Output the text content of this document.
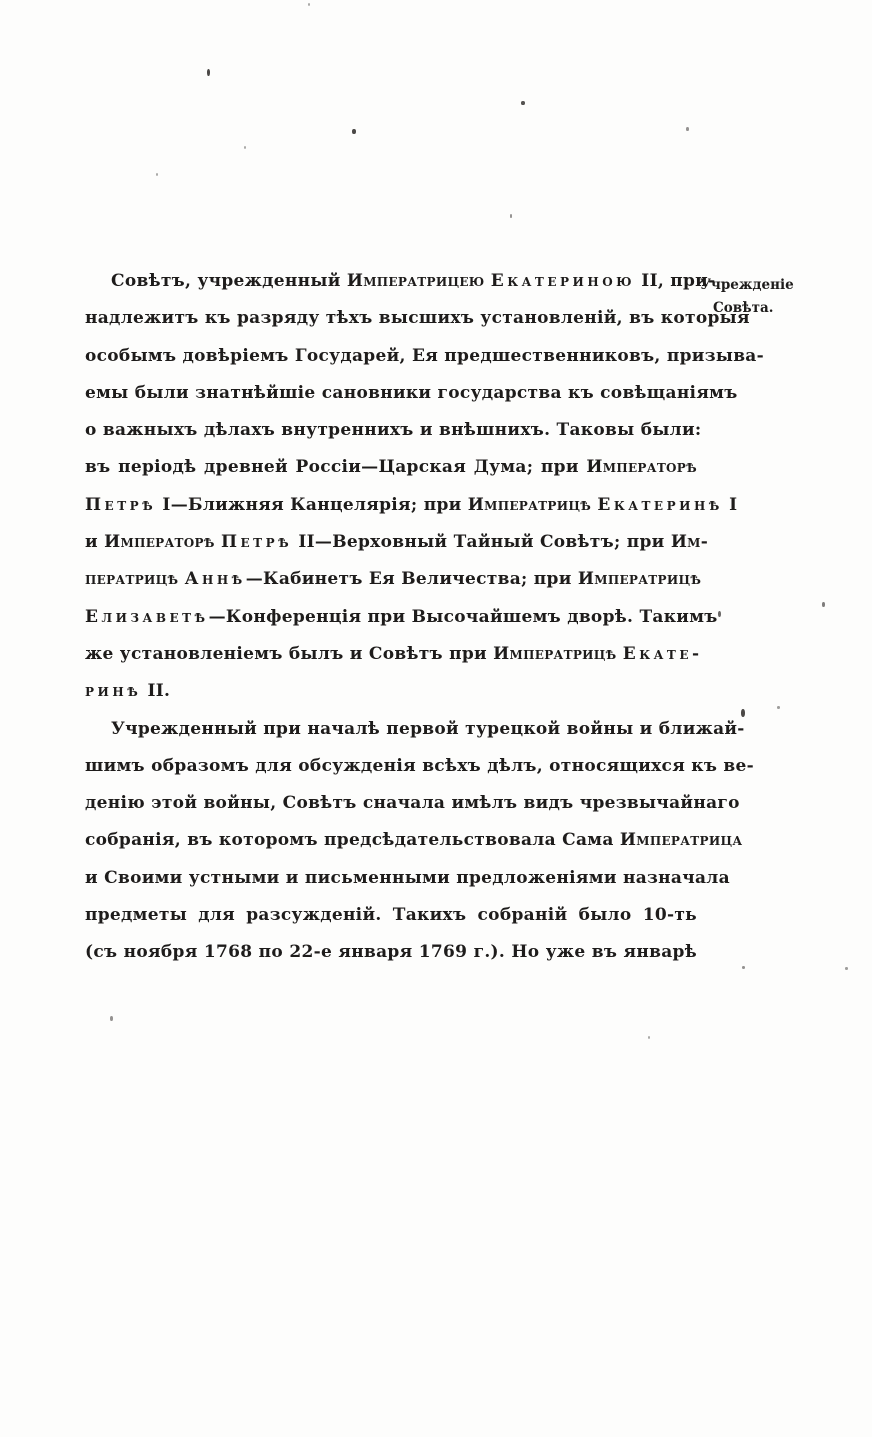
Совѣтъ, учрежденный Императрицею Екатериною II, при-
надлежитъ къ разряду тѣхъ высшихъ установленій, въ которыя
особымъ довѣріемъ Государей, Ея предшественниковъ, призыва-
емы были знатнѣйшіе сановники государства къ совѣщаніямъ
о важныхъ дѣлахъ внутреннихъ и внѣшнихъ. Таковы были:
въ періодѣ древней Россіи—Царская Дума; при Императорѣ
Петрѣ I—Ближняя Канцелярія; при Императрицѣ Екатеринѣ I
и Императорѣ Петрѣ II—Верховный Тайный Совѣтъ; при Им-
ператрицѣ Аннѣ—Кабинетъ Ея Величества; при Императрицѣ
Елизаветѣ—Конференція при Высочайшемъ дворѣ. Такимъ
же установленіемъ былъ и Совѣтъ при Императрицѣ Екате-
ринѣ II.
Учрежденный при началѣ первой турецкой войны и ближай-
шимъ образомъ для обсужденія всѣхъ дѣлъ, относящихся къ ве-
денію этой войны, Совѣтъ сначала имѣлъ видъ чрезвычайнаго
собранія, въ которомъ предсѣдательствовала Сама Императрица
и Своими устными и письменными предложеніями назначала
предметы для разсужденій. Такихъ собраній было 10-ть
(съ ноября 1768 по 22-е января 1769 г.). Но уже въ январѣ
Учрежденіе
Совѣта.
